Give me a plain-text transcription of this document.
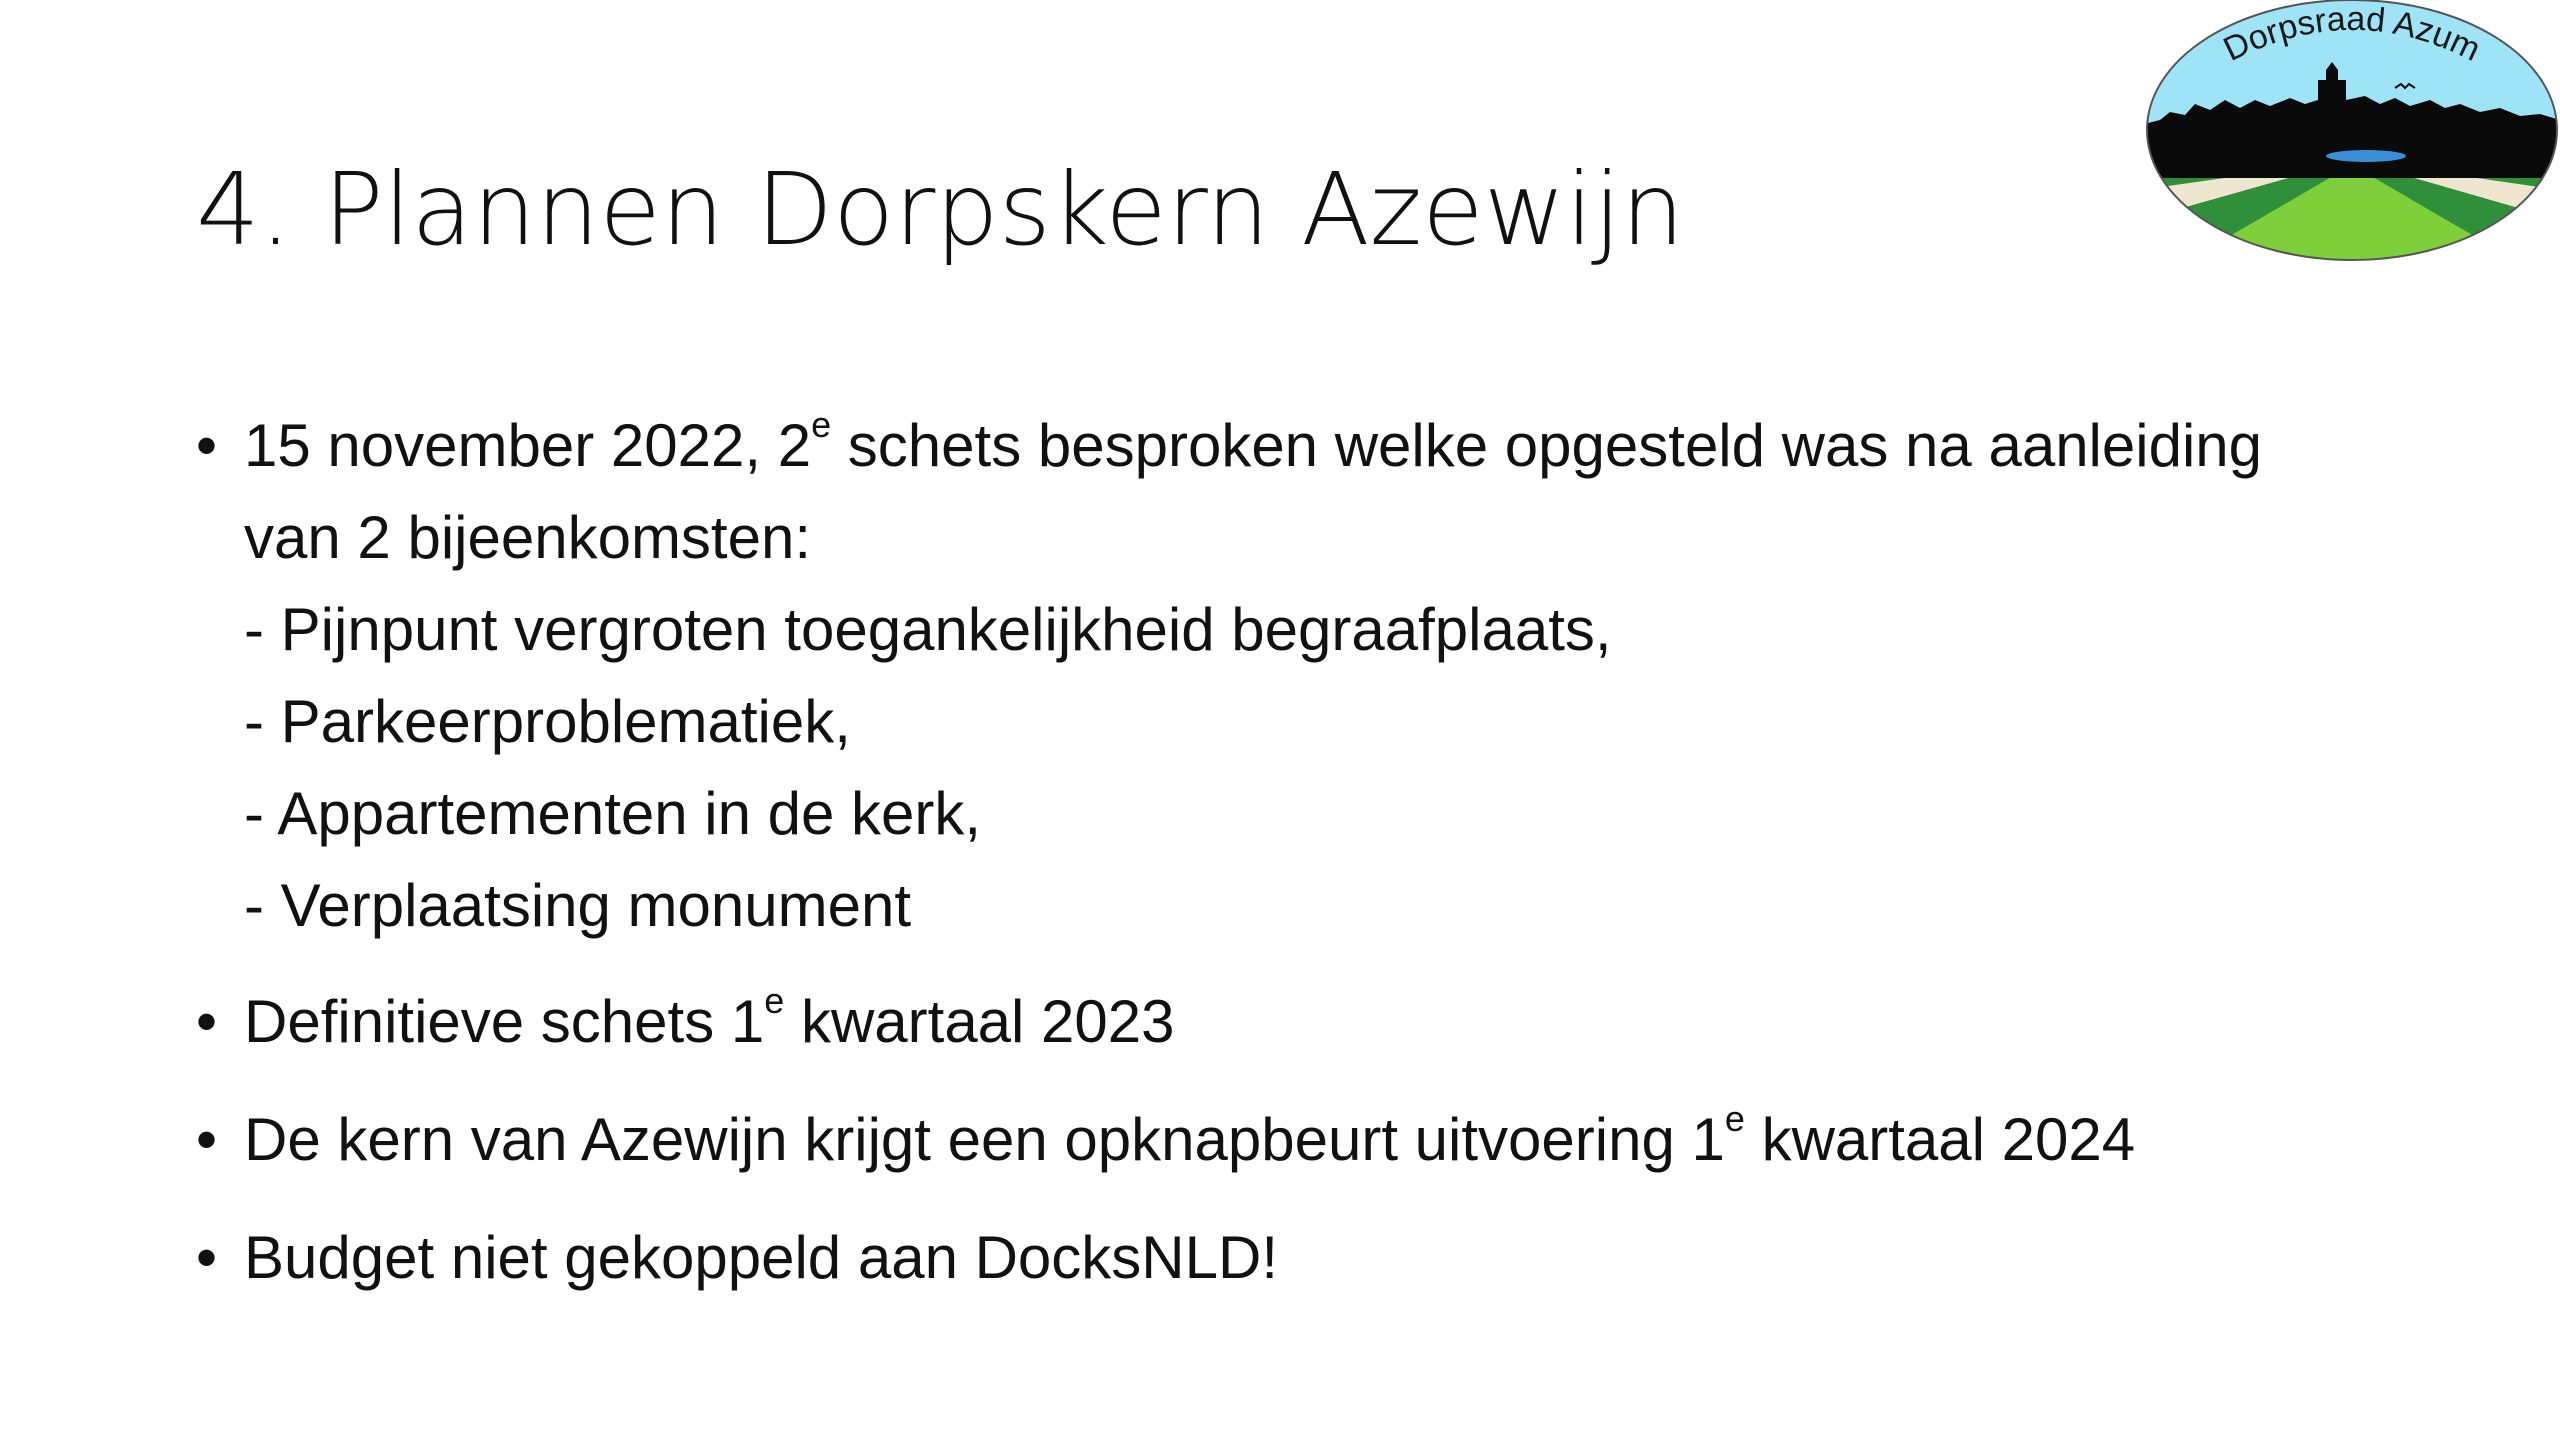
4. Plannen Dorpskern Azewijn
Dorpsraad Azum
• 15 november 2022, 2e schets besproken welke opgesteld was na aanleiding
van 2 bijeenkomsten:
- Pijnpunt vergroten toegankelijkheid begraafplaats,
- Parkeerproblematiek,
- Appartementen in de kerk,
- Verplaatsing monument
• Definitieve schets 1e kwartaal 2023
• De kern van Azewijn krijgt een opknapbeurt uitvoering 1e kwartaal 2024
• Budget niet gekoppeld aan DocksNLD!
